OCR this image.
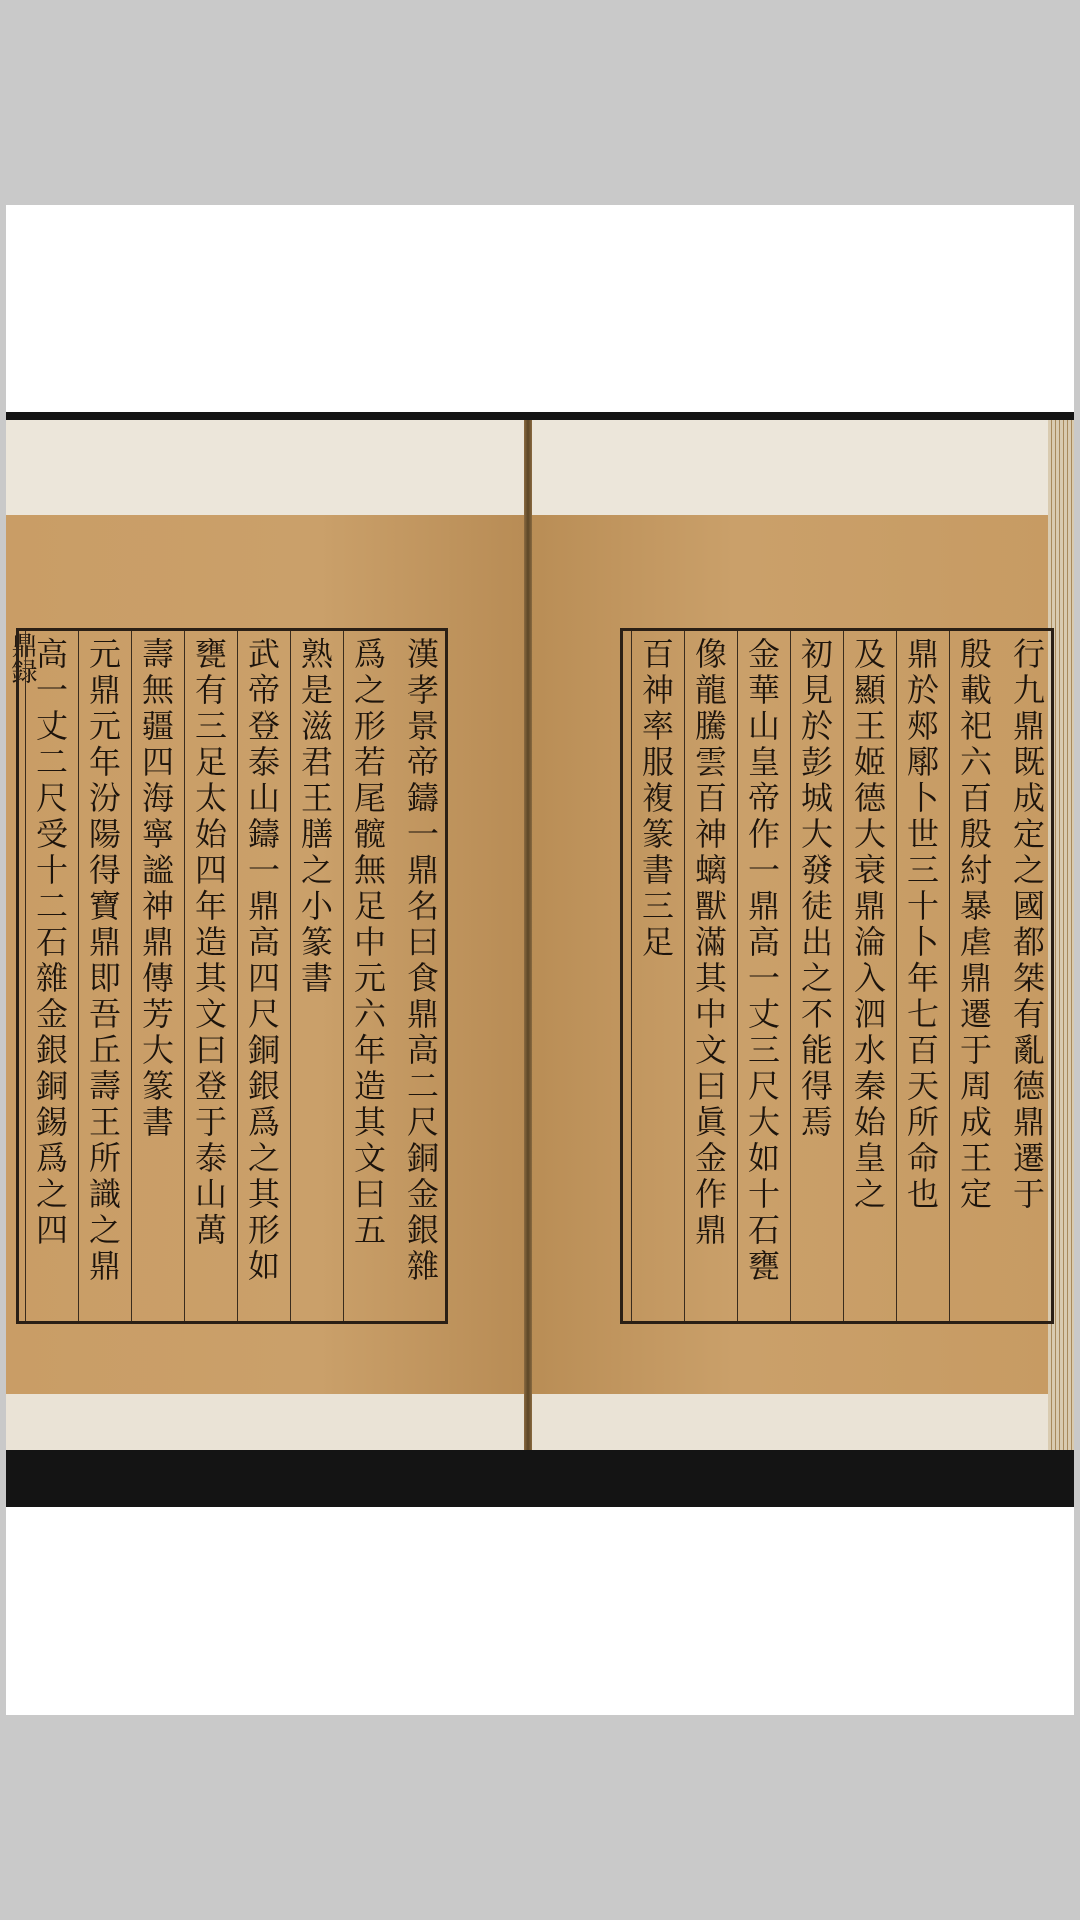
鼎録	漢孝景帝鑄一鼎名曰食鼎高二尺銅金銀雜
爲之形若尾髋無足中元六年造其文曰五
熟是滋君王膳之小篆書
武帝登泰山鑄一鼎高四尺銅銀爲之其形如
甕有三足太始四年造其文曰登于泰山萬
壽無疆四海寧謐神鼎傳芳大篆書
元鼎元年汾陽得寶鼎即吾丘壽王所識之鼎
高一丈二尺受十二石雜金銀銅錫爲之四	行九鼎既成定之國都桀有亂德鼎遷于
殷載祀六百殷紂暴虐鼎遷于周成王定
鼎於郟鄏卜世三十卜年七百天所命也
及顯王姬德大衰鼎淪入泗水秦始皇之
初見於彭城大發徒出之不能得焉
金華山皇帝作一鼎高一丈三尺大如十石甕
像龍騰雲百神螭獸滿其中文曰眞金作鼎
百神率服複篆書三足
